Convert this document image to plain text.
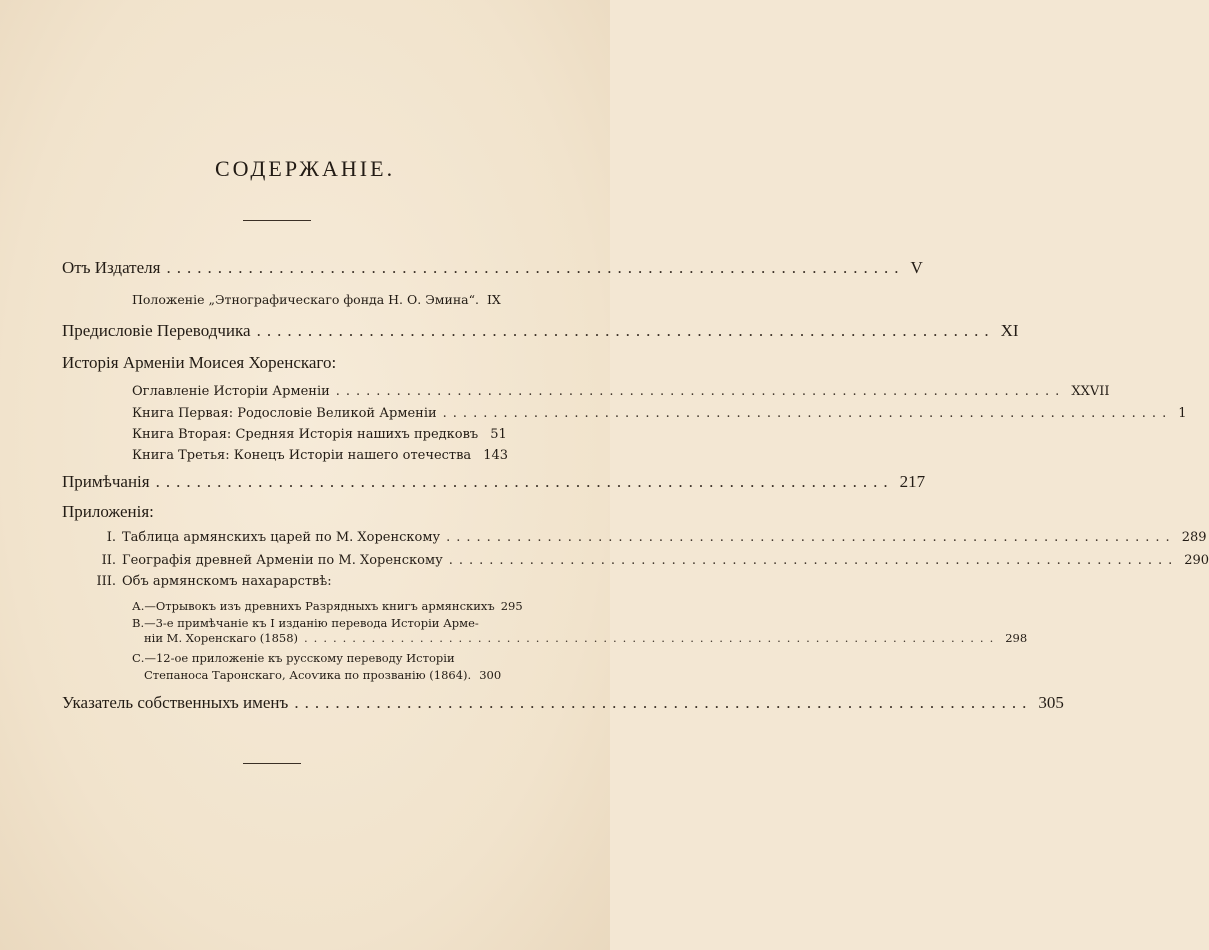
СОДЕРЖАНІЕ.
Отъ Издателя ........................................................................ V
Положеніе „Этнографическаго фонда Н. О. Эмина“. IX
Предисловіе Переводчика ........................................................................ XI
Исторія Арменіи Моисея Хоренскаго:
Оглавленіе Исторіи Арменіи ........................................................................ XXVII
Книга Первая: Родословіе Великой Арменіи ........................................................................ 1
Книга Вторая: Средняя Исторія нашихъ предковъ 51
Книга Третья: Конецъ Исторіи нашего отечества 143
Примѣчанія ........................................................................ 217
Приложенія:
I. Таблица армянскихъ царей по М. Хоренскому ........................................................................ 289
II. Географія древней Арменіи по М. Хоренскому ........................................................................ 290
III. Объ армянскомъ нахарарствѣ:
А.—Отрывокъ изъ древнихъ Разрядныхъ книгъ армянскихъ 295
В.—3-е примѣчаніе къ I изданію перевода Исторіи Арме-
нiи М. Хоренскаго (1858) ........................................................................ 298
С.—12-ое приложеніе къ русскому переводу Исторіи
Степаноса Таронскаго, Асоѵика по прозванію (1864). 300
Указатель собственныхъ именъ ........................................................................ 305
